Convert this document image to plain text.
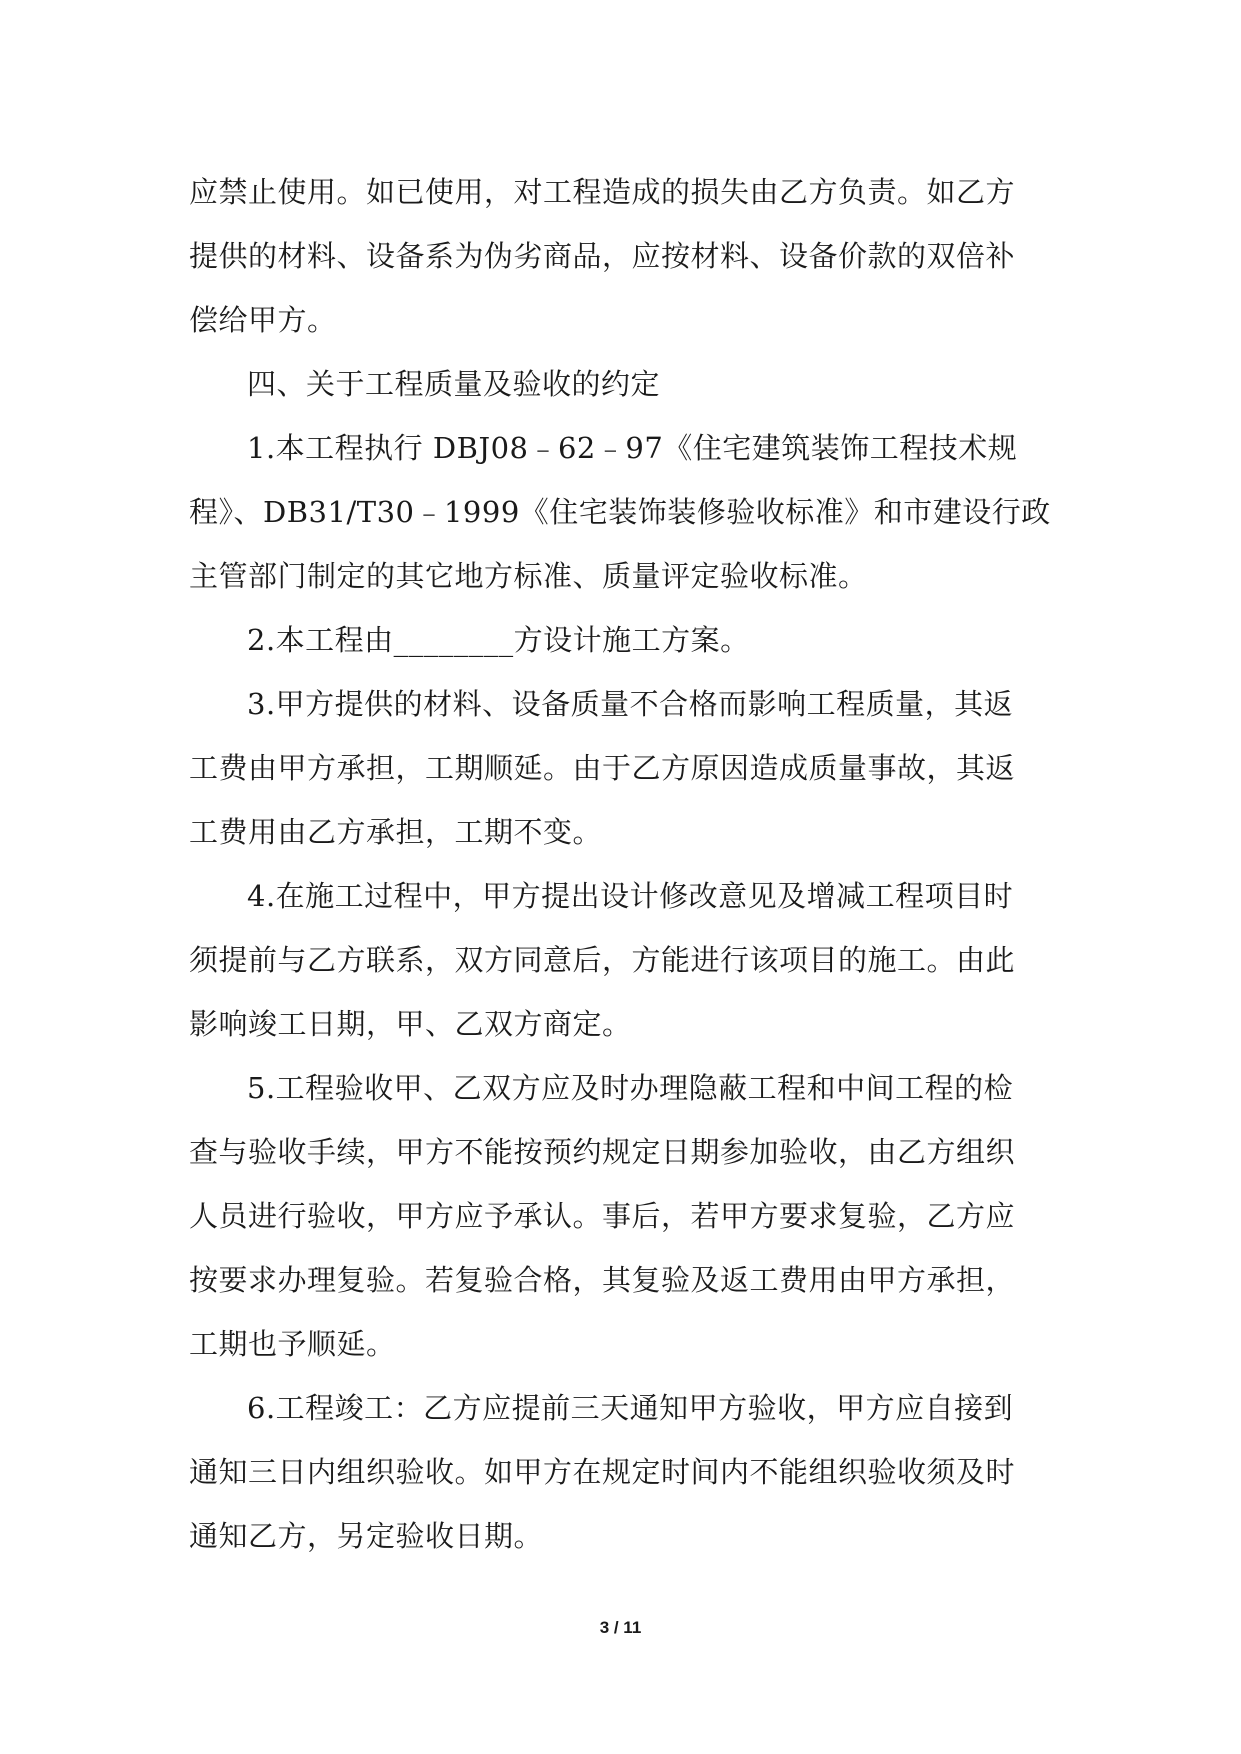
应禁止使用。如已使用，对工程造成的损失由乙方负责。如乙方
提供的材料、设备系为伪劣商品，应按材料、设备价款的双倍补
偿给甲方。
四、关于工程质量及验收的约定
1.本工程执行 DBJ08﹣62﹣97《住宅建筑装饰工程技术规
程》、DB31/T30﹣1999《住宅装饰装修验收标准》和市建设行政
主管部门制定的其它地方标准、质量评定验收标准。
2.本工程由________方设计施工方案。
3.甲方提供的材料、设备质量不合格而影响工程质量，其返
工费由甲方承担，工期顺延。由于乙方原因造成质量事故，其返
工费用由乙方承担，工期不变。
4.在施工过程中，甲方提出设计修改意见及增减工程项目时
须提前与乙方联系，双方同意后，方能进行该项目的施工。由此
影响竣工日期，甲、乙双方商定。
5.工程验收甲、乙双方应及时办理隐蔽工程和中间工程的检
查与验收手续，甲方不能按预约规定日期参加验收，由乙方组织
人员进行验收，甲方应予承认。事后，若甲方要求复验，乙方应
按要求办理复验。若复验合格，其复验及返工费用由甲方承担，
工期也予顺延。
6.工程竣工：乙方应提前三天通知甲方验收，甲方应自接到
通知三日内组织验收。如甲方在规定时间内不能组织验收须及时
通知乙方，另定验收日期。
3 / 11
